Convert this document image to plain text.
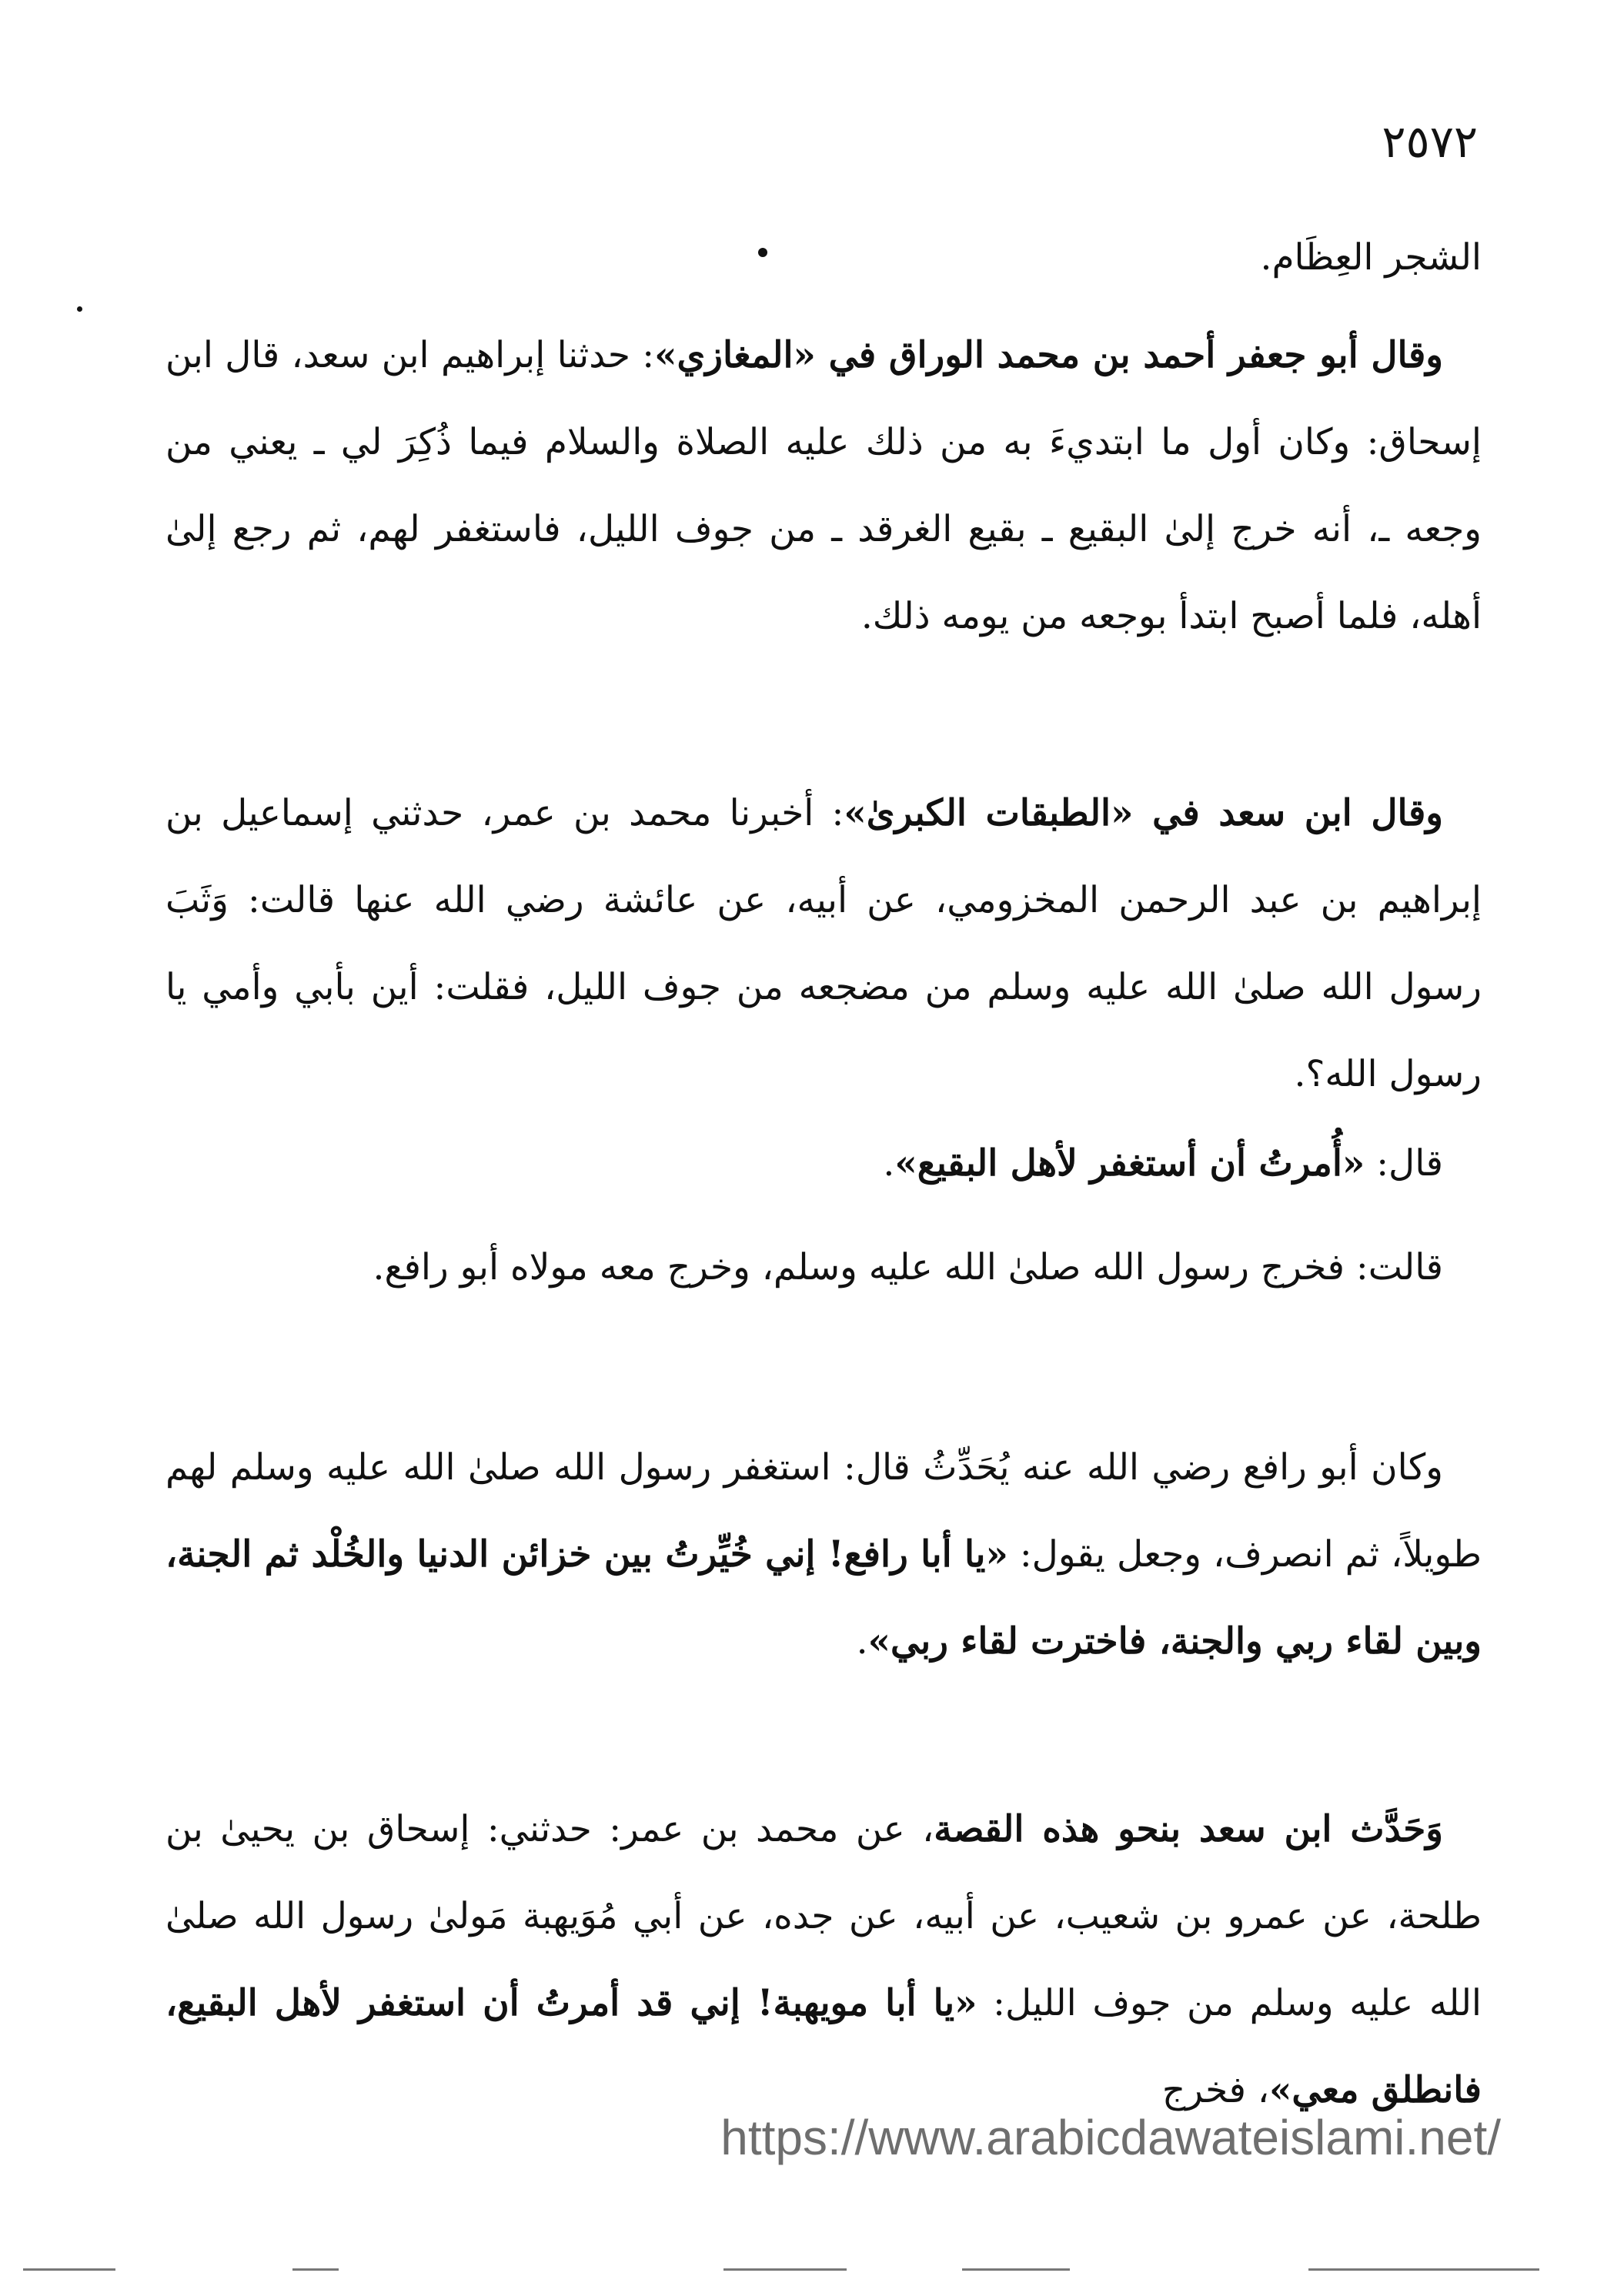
٢٥٧٢

الشجر العِظَام.

وقال أبو جعفر أحمد بن محمد الوراق في «المغازي»: حدثنا إبراهيم ابن سعد، قال ابن إسحاق: وكان أول ما ابتديءَ به من ذلك عليه الصلاة والسلام فيما ذُكِرَ لي ـ يعني من وجعه ـ، أنه خرج إلىٰ البقيع ـ بقيع الغرقد ـ من جوف الليل، فاستغفر لهم، ثم رجع إلىٰ أهله، فلما أصبح ابتدأ بوجعه من يومه ذلك.

وقال ابن سعد في «الطبقات الكبرىٰ»: أخبرنا محمد بن عمر، حدثني إسماعيل بن إبراهيم بن عبد الرحمن المخزومي، عن أبيه، عن عائشة رضي الله عنها قالت: وَثَبَ رسول الله صلىٰ الله عليه وسلم من مضجعه من جوف الليل، فقلت: أين بأبي وأمي يا رسول الله؟.

قال: «أُمرتُ أن أستغفر لأهل البقيع».

قالت: فخرج رسول الله صلىٰ الله عليه وسلم، وخرج معه مولاه أبو رافع.

وكان أبو رافع رضي الله عنه يُحَدِّثُ قال: استغفر رسول الله صلىٰ الله عليه وسلم لهم طويلاً، ثم انصرف، وجعل يقول: «يا أبا رافع! إني خُيِّرتُ بين خزائن الدنيا والخُلْد ثم الجنة، وبين لقاء ربي والجنة، فاخترت لقاء ربي».

وَحَدَّث ابن سعد بنحو هذه القصة، عن محمد بن عمر: حدثني: إسحاق بن يحيىٰ بن طلحة، عن عمرو بن شعيب، عن أبيه، عن جده، عن أبي مُوَيهبة مَولىٰ رسول الله صلىٰ الله عليه وسلم من جوف الليل: «يا أبا مويهبة! إني قد أمرتُ أن استغفر لأهل البقيع، فانطلق معي»، فخرج

https://www.arabicdawateislami.net/
